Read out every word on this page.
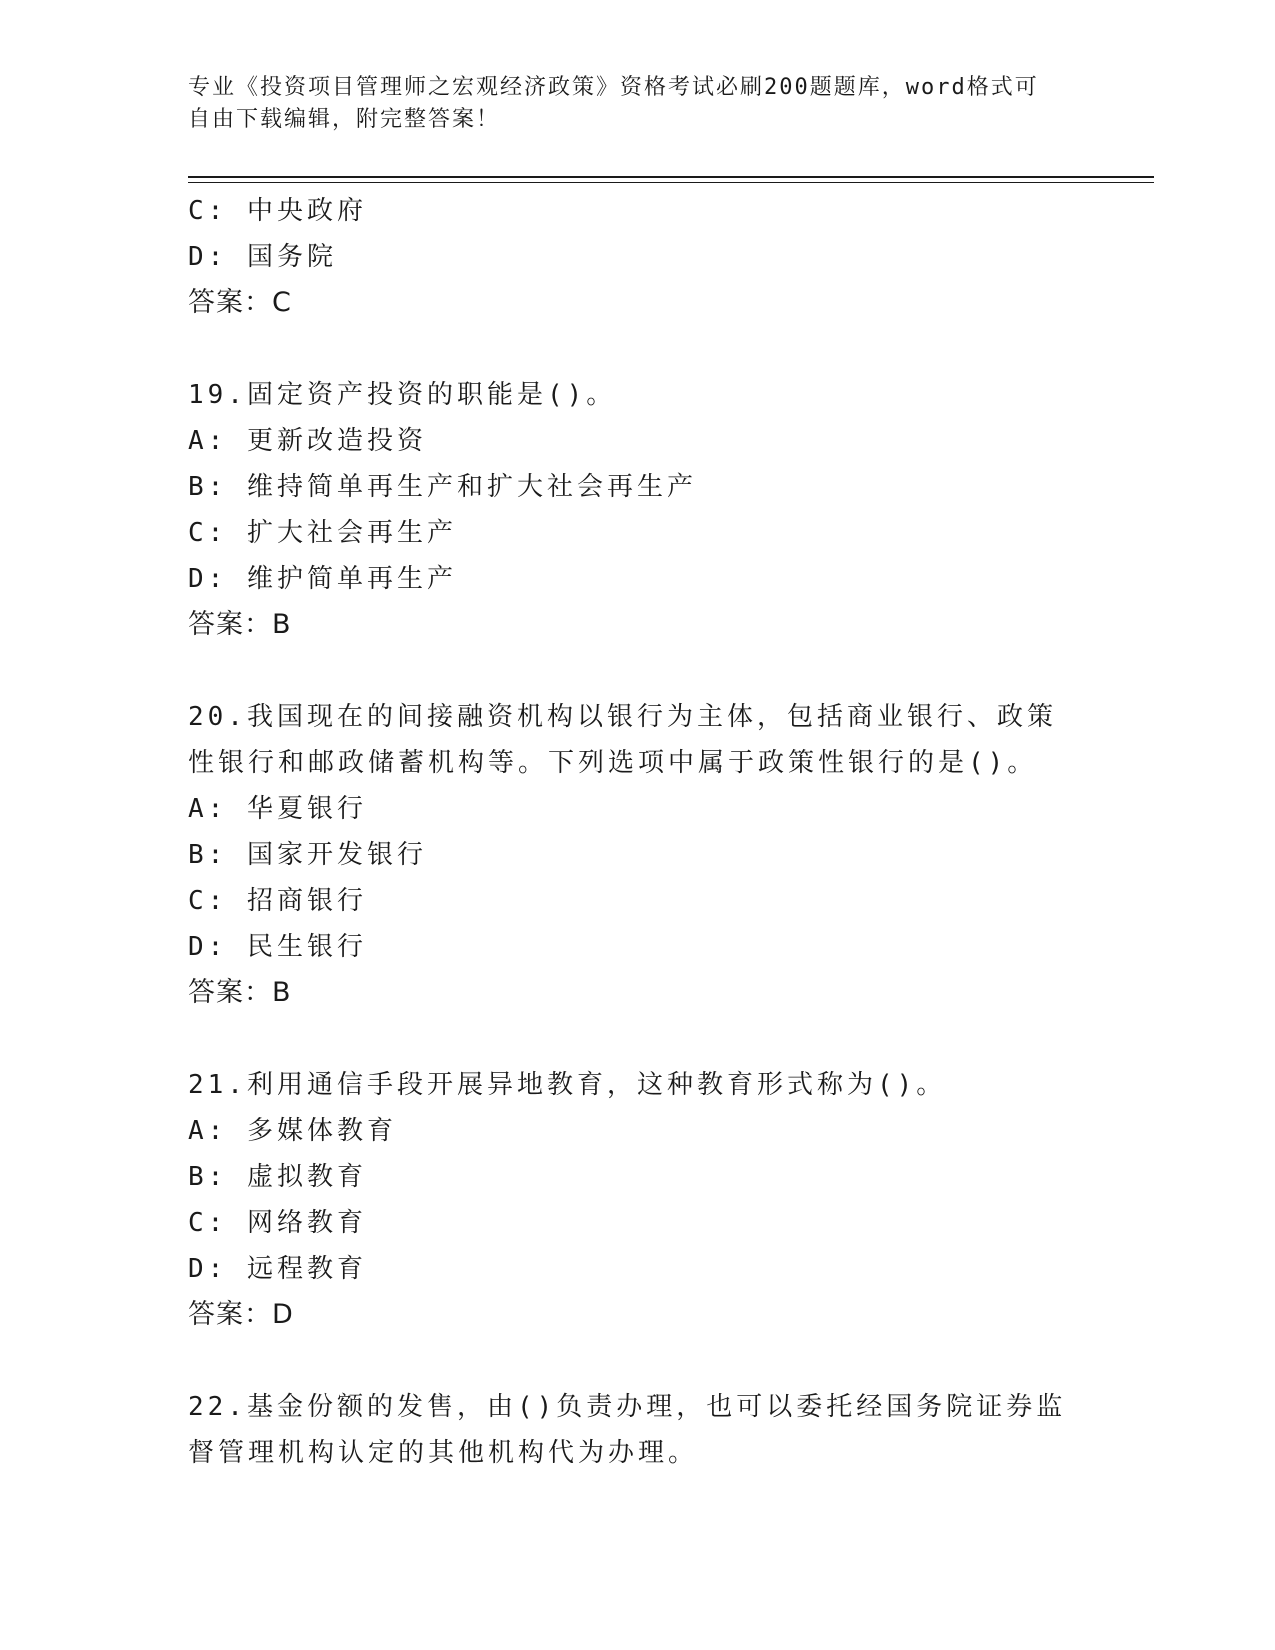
专业《投资项目管理师之宏观经济政策》资格考试必刷200题题库，word格式可
自由下载编辑，附完整答案！
C: 中央政府
D: 国务院
答案：C
19.固定资产投资的职能是()。
A: 更新改造投资
B: 维持简单再生产和扩大社会再生产
C: 扩大社会再生产
D: 维护简单再生产
答案：B
20.我国现在的间接融资机构以银行为主体，包括商业银行、政策性银行和邮政储蓄机构等。下列选项中属于政策性银行的是()。
A: 华夏银行
B: 国家开发银行
C: 招商银行
D: 民生银行
答案：B
21.利用通信手段开展异地教育，这种教育形式称为()。
A: 多媒体教育
B: 虚拟教育
C: 网络教育
D: 远程教育
答案：D
22.基金份额的发售，由()负责办理，也可以委托经国务院证券监督管理机构认定的其他机构代为办理。
